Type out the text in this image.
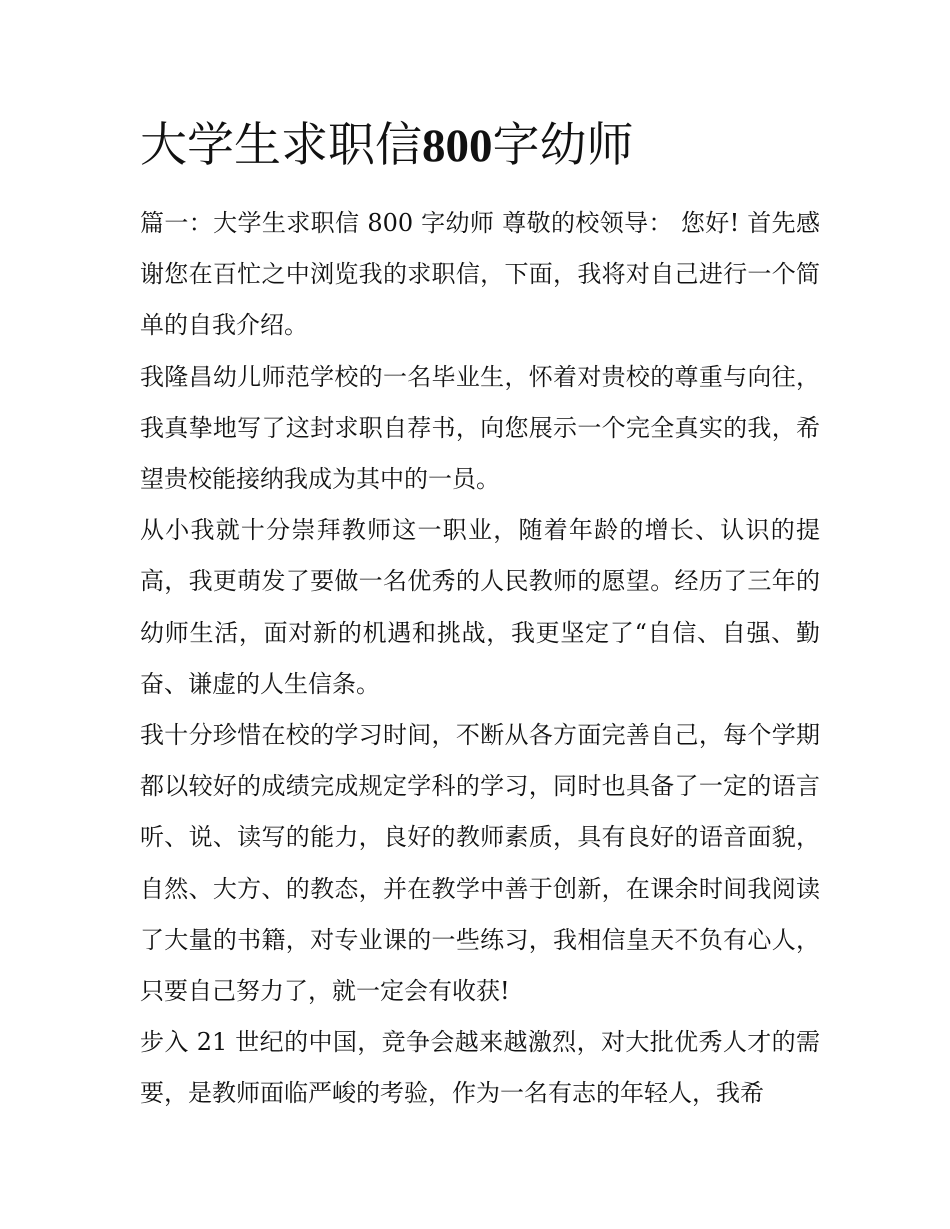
大学生求职信800字幼师

篇一：大学生求职信 800 字幼师 尊敬的校领导： 您好! 首先感谢您在百忙之中浏览我的求职信，下面，我将对自己进行一个简单的自我介绍。

我隆昌幼儿师范学校的一名毕业生，怀着对贵校的尊重与向往，我真挚地写了这封求职自荐书，向您展示一个完全真实的我，希望贵校能接纳我成为其中的一员。

从小我就十分崇拜教师这一职业，随着年龄的增长、认识的提高，我更萌发了要做一名优秀的人民教师的愿望。经历了三年的幼师生活，面对新的机遇和挑战，我更坚定了“自信、自强、勤奋、谦虚的人生信条。

我十分珍惜在校的学习时间，不断从各方面完善自己，每个学期都以较好的成绩完成规定学科的学习，同时也具备了一定的语言听、说、读写的能力，良好的教师素质，具有良好的语音面貌，自然、大方、的教态，并在教学中善于创新，在课余时间我阅读了大量的书籍，对专业课的一些练习，我相信皇天不负有心人，只要自己努力了，就一定会有收获!

步入 21 世纪的中国，竞争会越来越激烈，对大批优秀人才的需要，是教师面临严峻的考验，作为一名有志的年轻人，我希
